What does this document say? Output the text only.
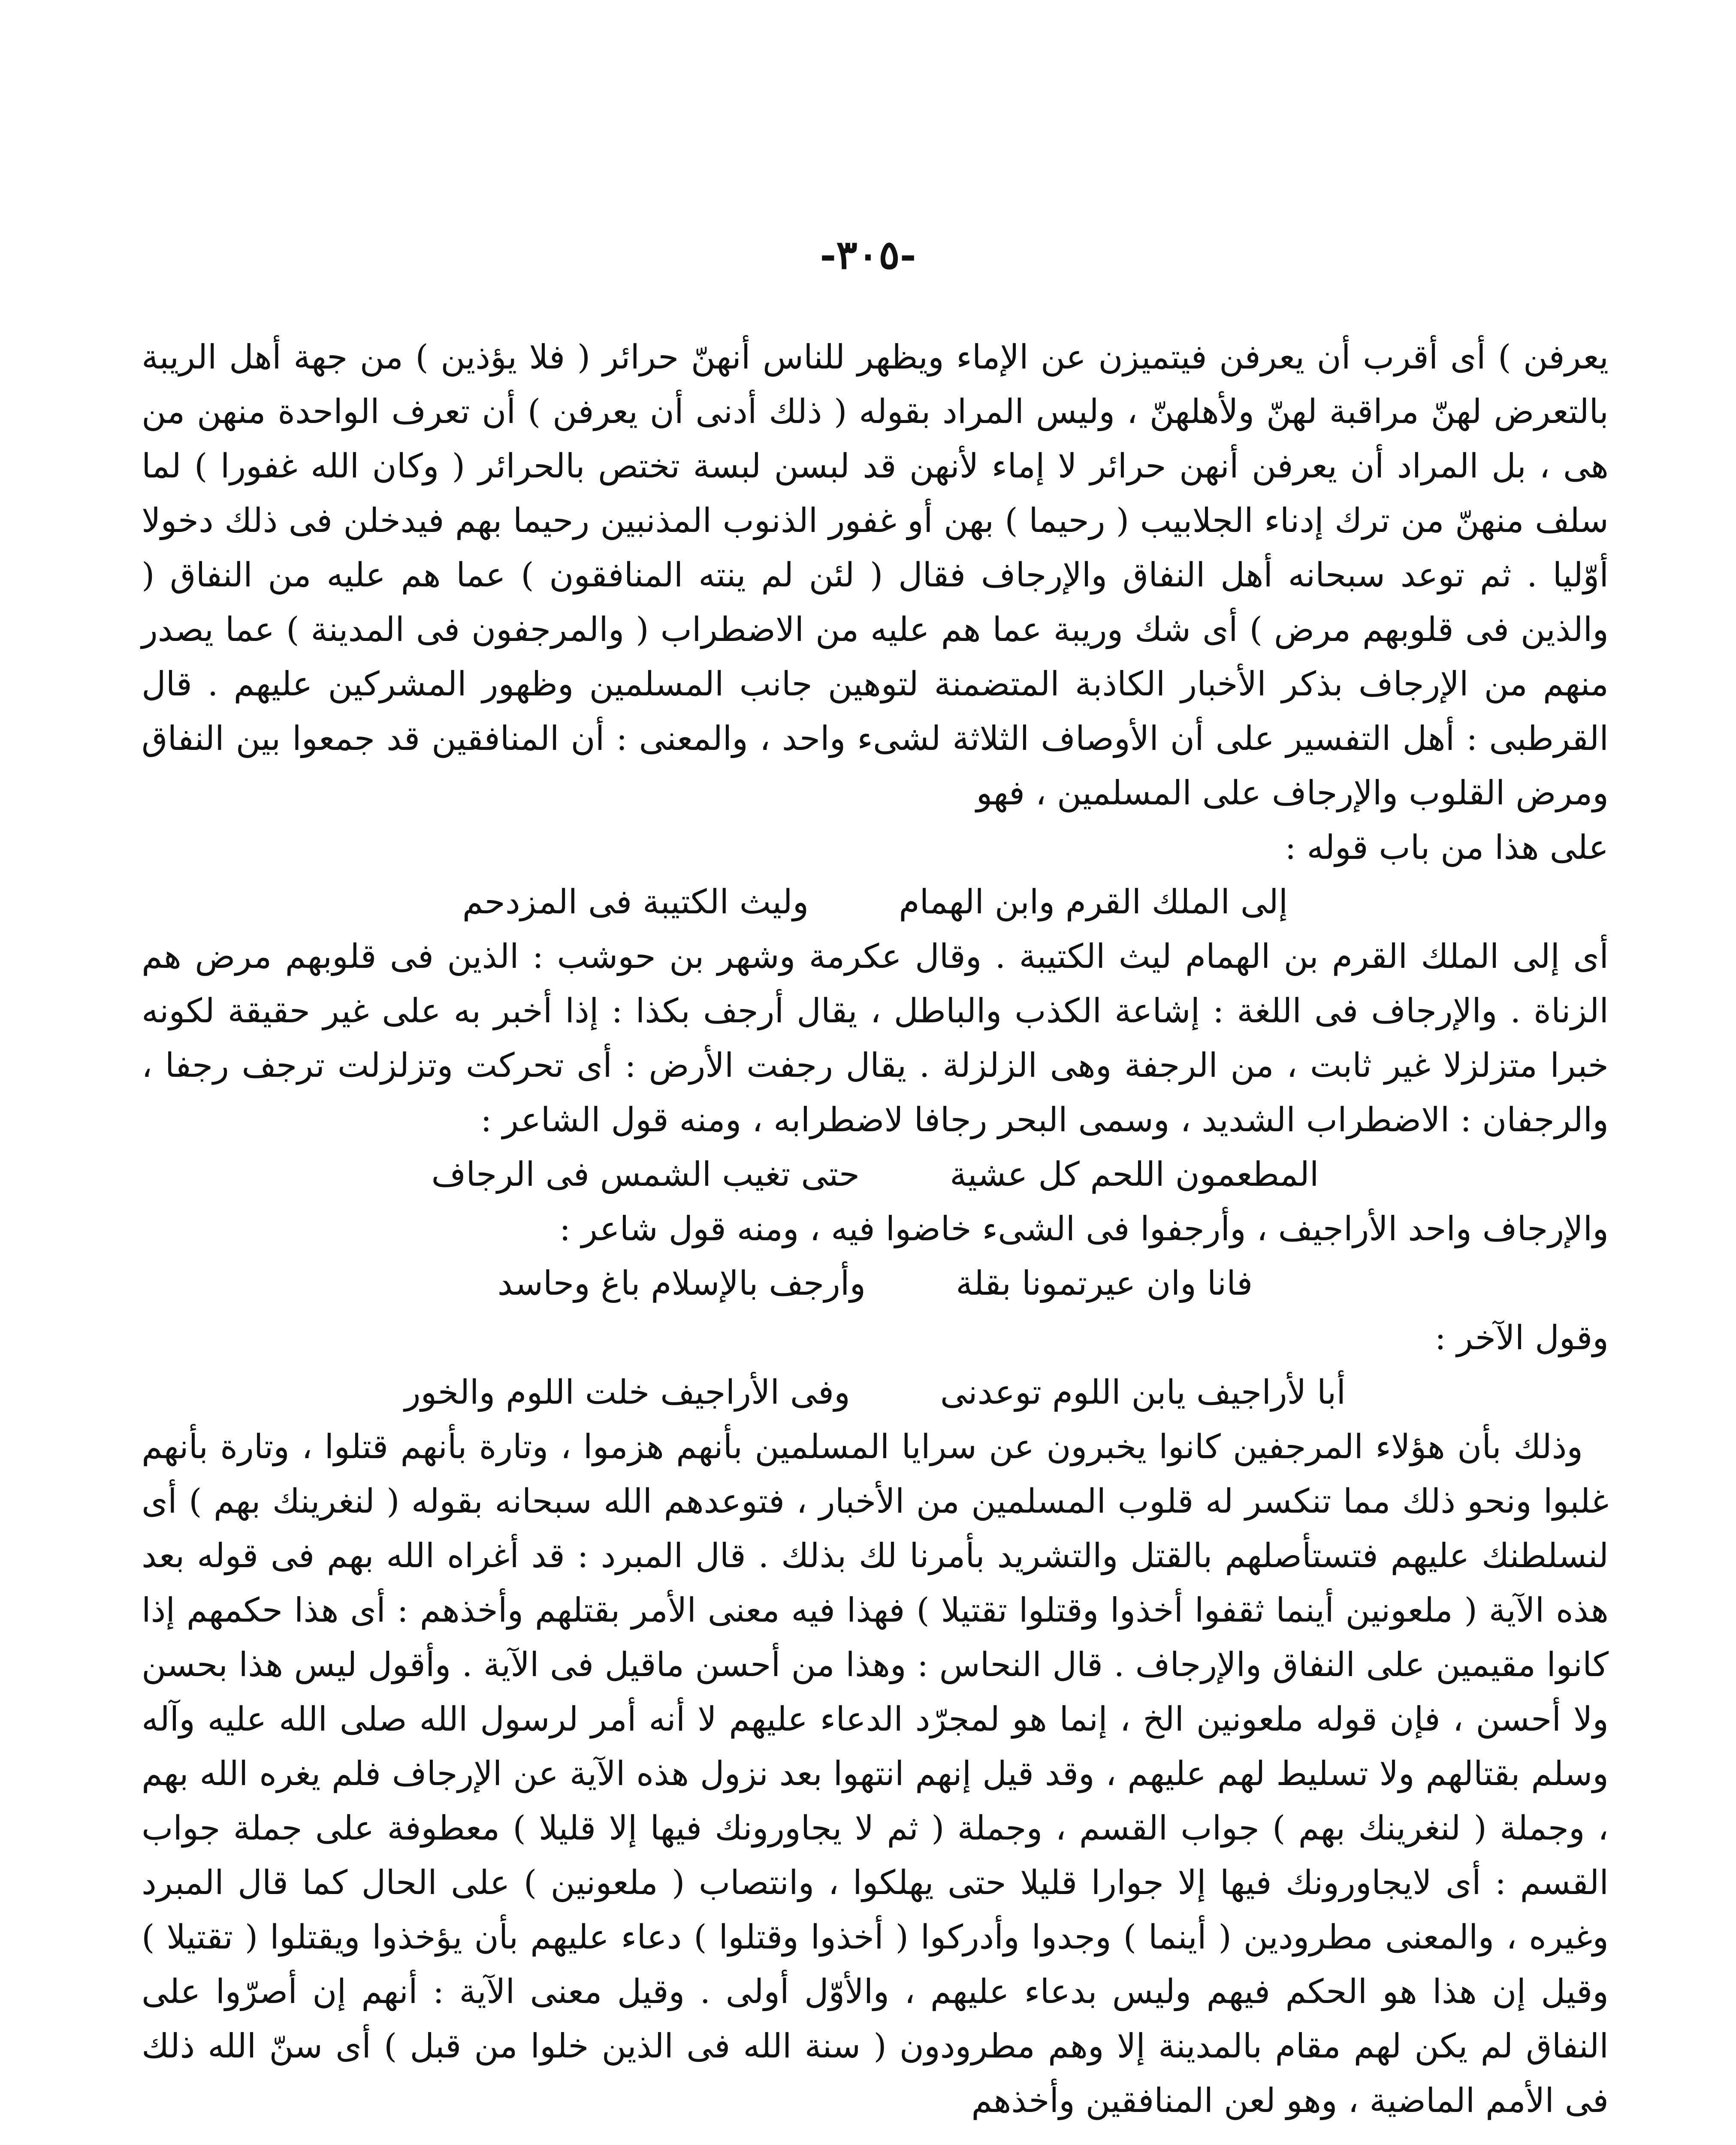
-٣٠٥-

يعرفن ) أى أقرب أن يعرفن فيتميزن عن الإماء ويظهر للناس أنهنّ حرائر ( فلا يؤذين ) من جهة أهل الريبة بالتعرض لهنّ مراقبة لهنّ ولأهلهنّ ، وليس المراد بقوله ( ذلك أدنى أن يعرفن ) أن تعرف الواحدة منهن من هى ، بل المراد أن يعرفن أنهن حرائر لا إماء لأنهن قد لبسن لبسة تختص بالحرائر ( وكان الله غفورا ) لما سلف منهنّ من ترك إدناء الجلابيب ( رحيما ) بهن أو غفور الذنوب المذنبين رحيما بهم فيدخلن فى ذلك دخولا أوّليا . ثم توعد سبحانه أهل النفاق والإرجاف فقال ( لئن لم ينته المنافقون ) عما هم عليه من النفاق ( والذين فى قلوبهم مرض ) أى شك وريبة عما هم عليه من الاضطراب ( والمرجفون فى المدينة ) عما يصدر منهم من الإرجاف بذكر الأخبار الكاذبة المتضمنة لتوهين جانب المسلمين وظهور المشركين عليهم . قال القرطبى : أهل التفسير على أن الأوصاف الثلاثة لشىء واحد ، والمعنى : أن المنافقين قد جمعوا بين النفاق ومرض القلوب والإرجاف على المسلمين ، فهو

على هذا من باب قوله :

إلى الملك القرم وابن الهمام
وليث الكتيبة فى المزدحم

أى إلى الملك القرم بن الهمام ليث الكتيبة . وقال عكرمة وشهر بن حوشب : الذين فى قلوبهم مرض هم الزناة . والإرجاف فى اللغة : إشاعة الكذب والباطل ، يقال أرجف بكذا : إذا أخبر به على غير حقيقة لكونه خبرا متزلزلا غير ثابت ، من الرجفة وهى الزلزلة . يقال رجفت الأرض : أى تحركت وتزلزلت ترجف رجفا ، والرجفان : الاضطراب الشديد ، وسمى البحر رجافا لاضطرابه ، ومنه قول الشاعر :

المطعمون اللحم كل عشية
حتى تغيب الشمس فى الرجاف

والإرجاف واحد الأراجيف ، وأرجفوا فى الشىء خاضوا فيه ، ومنه قول شاعر :

فانا وان عيرتمونا بقلة
وأرجف بالإسلام باغ وحاسد

وقول الآخر :

أبا لأراجيف يابن اللوم توعدنى
وفى الأراجيف خلت اللوم والخور

وذلك بأن هؤلاء المرجفين كانوا يخبرون عن سرايا المسلمين بأنهم هزموا ، وتارة بأنهم قتلوا ، وتارة بأنهم غلبوا ونحو ذلك مما تنكسر له قلوب المسلمين من الأخبار ، فتوعدهم الله سبحانه بقوله ( لنغرينك بهم ) أى لنسلطنك عليهم فتستأصلهم بالقتل والتشريد بأمرنا لك بذلك . قال المبرد : قد أغراه الله بهم فى قوله بعد هذه الآية ( ملعونين أينما ثقفوا أخذوا وقتلوا تقتيلا ) فهذا فيه معنى الأمر بقتلهم وأخذهم : أى هذا حكمهم إذا كانوا مقيمين على النفاق والإرجاف . قال النحاس : وهذا من أحسن ماقيل فى الآية . وأقول ليس هذا بحسن ولا أحسن ، فإن قوله ملعونين الخ ، إنما هو لمجرّد الدعاء عليهم لا أنه أمر لرسول الله صلى الله عليه وآله وسلم بقتالهم ولا تسليط لهم عليهم ، وقد قيل إنهم انتهوا بعد نزول هذه الآية عن الإرجاف فلم يغره الله بهم ، وجملة ( لنغرينك بهم ) جواب القسم ، وجملة ( ثم لا يجاورونك فيها إلا قليلا ) معطوفة على جملة جواب القسم : أى لايجاورونك فيها إلا جوارا قليلا حتى يهلكوا ، وانتصاب ( ملعونين ) على الحال كما قال المبرد وغيره ، والمعنى مطرودين ( أينما ) وجدوا وأدركوا ( أخذوا وقتلوا ) دعاء عليهم بأن يؤخذوا ويقتلوا ( تقتيلا ) وقيل إن هذا هو الحكم فيهم وليس بدعاء عليهم ، والأوّل أولى . وقيل معنى الآية : أنهم إن أصرّوا على النفاق لم يكن لهم مقام بالمدينة إلا وهم مطرودون ( سنة الله فى الذين خلوا من قبل ) أى سنّ الله ذلك فى الأمم الماضية ، وهو لعن المنافقين وأخذهم
